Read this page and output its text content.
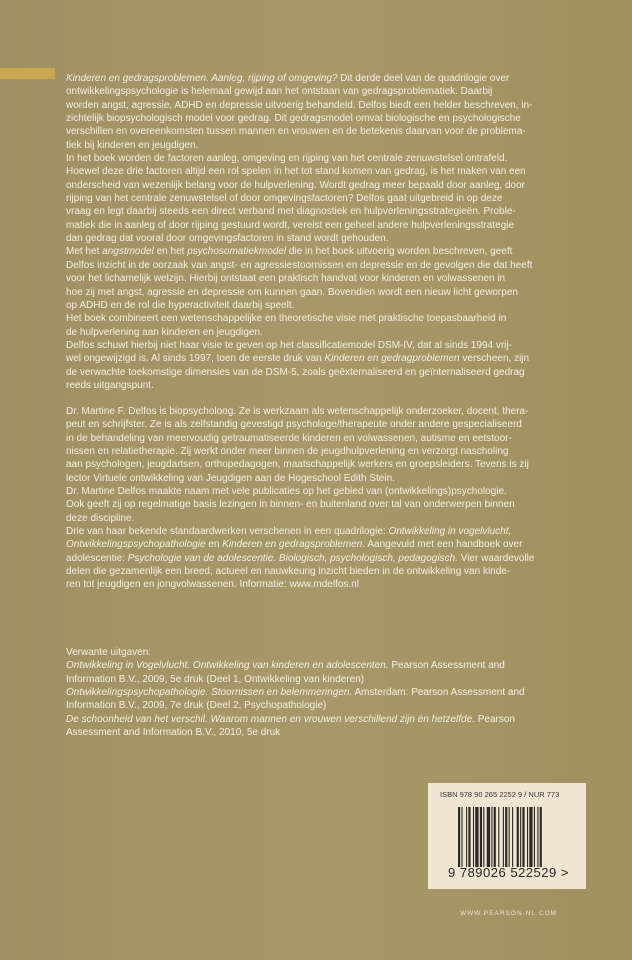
Kinderen en gedragsproblemen. Aanleg, rijping of omgeving? Dit derde deel van de quadrilogie over
ontwikkelingspsychologie is helemaal gewijd aan het ontstaan van gedragsproblematiek. Daarbij
worden angst, agressie, ADHD en depressie uitvoerig behandeld. Delfos biedt een helder beschreven, in-
zichtelijk biopsychologisch model voor gedrag. Dit gedragsmodel omvat biologische en psychologische
verschillen en overeenkomsten tussen mannen en vrouwen en de betekenis daarvan voor de problema-
tiek bij kinderen en jeugdigen.
In het boek worden de factoren aanleg, omgeving en rijping van het centrale zenuwstelsel ontrafeld.
Hoewel deze drie factoren altijd een rol spelen in het tot stand komen van gedrag, is het maken van een
onderscheid van wezenlijk belang voor de hulpverlening. Wordt gedrag meer bepaald door aanleg, door
rijping van het centrale zenuwstelsel of door omgevingsfactoren? Delfos gaat uitgebreid in op deze
vraag en legt daarbij steeds een direct verband met diagnostiek en hulpverleningsstrategieën. Proble-
matiek die in aanleg of door rijping gestuurd wordt, vereist een geheel andere hulpverleningsstrategie
dan gedrag dat vooral door omgevingsfactoren in stand wordt gehouden.
Met het angstmodel en het psychosomatiekmodel die in het boek uitvoerig worden beschreven, geeft
Delfos inzicht in de oorzaak van angst- en agressiestoornissen en depressie en de gevolgen die dat heeft
voor het lichamelijk welzijn. Hierbij ontstaat een praktisch handvat voor kinderen en volwassenen in
hoe zij met angst, agressie en depressie om kunnen gaan. Bovendien wordt een nieuw licht geworpen
op ADHD en de rol die hyperactiviteit daarbij speelt.
Het boek combineert een wetenschappelijke en theoretische visie met praktische toepasbaarheid in
de hulpverlening aan kinderen en jeugdigen.
Delfos schuwt hierbij niet haar visie te geven op het classificatiemodel DSM-IV, dat al sinds 1994 vrij-
wel ongewijzigd is. Al sinds 1997, toen de eerste druk van Kinderen en gedragproblemen verscheen, zijn
de verwachte toekomstige dimensies van de DSM-5, zoals geëxternaliseerd en geïnternaliseerd gedrag
reeds uitgangspunt.
Dr. Martine F. Delfos is biopsycholoog. Ze is werkzaam als wetenschappelijk onderzoeker, docent, thera-
peut en schrijfster. Ze is als zelfstandig gevestigd psychologe/therapeute onder andere gespecialiseerd
in de behandeling van meervoudig getraumatiseerde kinderen en volwassenen, autisme en eetstoor-
nissen en relatietherapie. Zij werkt onder meer binnen de jeugdhulpverlening en verzorgt nascholing
aan psychologen, jeugdartsen, orthopedagogen, maatschappelijk werkers en groepsleiders. Tevens is zij
lector Virtuele ontwikkeling van Jeugdigen aan de Hogeschool Edith Stein.
Dr. Martine Delfos maakte naam met vele publicaties op het gebied van (ontwikkelings)psychologie.
Ook geeft zij op regelmatige basis lezingen in binnen- en buitenland over tal van onderwerpen binnen
deze discipline.
Drie van haar bekende standaardwerken verschenen in een quadrilogie: Ontwikkeling in vogelvlucht,
Ontwikkelingspsychopathologie en Kinderen en gedragsproblemen. Aangevuld met een handboek over
adolescentie: Psychologie van de adolescentie. Biologisch, psychologisch, pedagogisch. Vier waardevolle
delen die gezamenlijk een breed, actueel en nauwkeurig inzicht bieden in de ontwikkeling van kinde-
ren tot jeugdigen en jongvolwassenen. Informatie: www.mdelfos.nl
Verwante uitgaven:
Ontwikkeling in Vogelvlucht. Ontwikkeling van kinderen en adolescenten. Pearson Assessment and
Information B.V., 2009, 5e druk (Deel 1, Ontwikkeling van kinderen)
Ontwikkelingspsychopathologie. Stoornissen en belemmeringen. Amsterdam: Pearson Assessment and
Information B.V., 2009, 7e druk (Deel 2, Psychopathologie)
De schoonheid van het verschil. Waarom mannen en vrouwen verschillend zijn én hetzelfde. Pearson
Assessment and Information B.V., 2010, 5e druk
ISBN 978 90 265 2252 9 / NUR 773
9 789026 522529 >
WWW.PEARSON-NL.COM
